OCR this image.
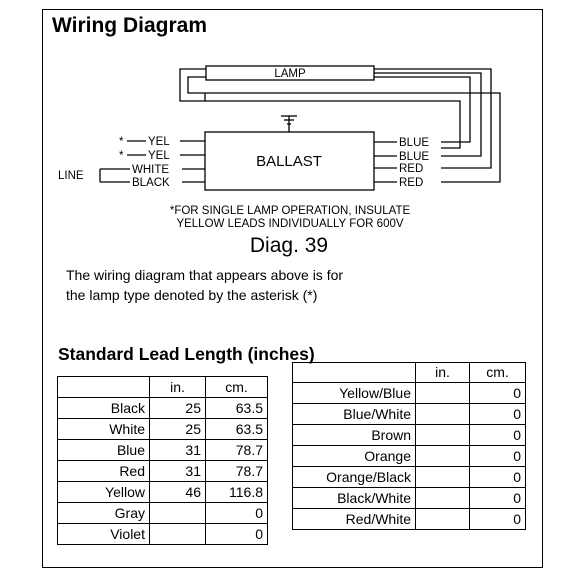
Wiring Diagram
LAMP
BALLAST
*
*
YEL
YEL
WHITE
BLACK
LINE
BLUE
BLUE
RED
RED
*FOR SINGLE LAMP OPERATION, INSULATE
YELLOW LEADS INDIVIDUALLY FOR 600V
Diag. 39
The wiring diagram that appears above is for
the lamp type denoted by the asterisk (*)
Standard Lead Length (inches)
	in.	cm.
Black	25	63.5
White	25	63.5
Blue	31	78.7
Red	31	78.7
Yellow	46	116.8
Gray		0
Violet		0
	in.	cm.
Yellow/Blue		0
Blue/White		0
Brown		0
Orange		0
Orange/Black		0
Black/White		0
Red/White		0
